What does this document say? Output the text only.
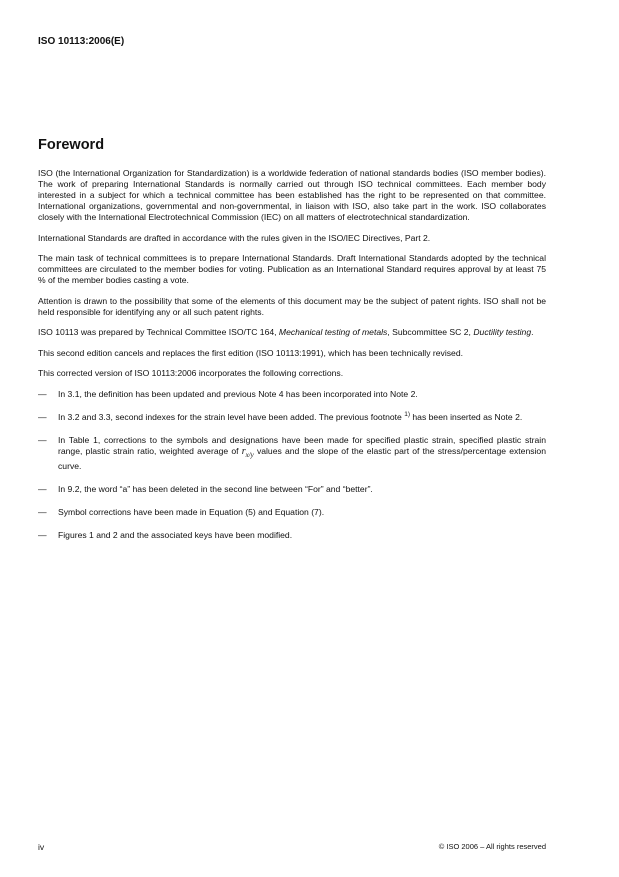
ISO 10113:2006(E)
Foreword

ISO (the International Organization for Standardization) is a worldwide federation of national standards bodies (ISO member bodies). The work of preparing International Standards is normally carried out through ISO technical committees. Each member body interested in a subject for which a technical committee has been established has the right to be represented on that committee. International organizations, governmental and non-governmental, in liaison with ISO, also take part in the work. ISO collaborates closely with the International Electrotechnical Commission (IEC) on all matters of electrotechnical standardization.

International Standards are drafted in accordance with the rules given in the ISO/IEC Directives, Part 2.

The main task of technical committees is to prepare International Standards. Draft International Standards adopted by the technical committees are circulated to the member bodies for voting. Publication as an International Standard requires approval by at least 75 % of the member bodies casting a vote.

Attention is drawn to the possibility that some of the elements of this document may be the subject of patent rights. ISO shall not be held responsible for identifying any or all such patent rights.

ISO 10113 was prepared by Technical Committee ISO/TC 164, Mechanical testing of metals, Subcommittee SC 2, Ductility testing.

This second edition cancels and replaces the first edition (ISO 10113:1991), which has been technically revised.

This corrected version of ISO 10113:2006 incorporates the following corrections.

— In 3.1, the definition has been updated and previous Note 4 has been incorporated into Note 2.
— In 3.2 and 3.3, second indexes for the strain level have been added. The previous footnote $^{1)}$ has been inserted as Note 2.
— In Table 1, corrections to the symbols and designations have been made for specified plastic strain, specified plastic strain range, plastic strain ratio, weighted average of $r_{x/y}$ values and the slope of the elastic part of the stress/percentage extension curve.
— In 9.2, the word “a” has been deleted in the second line between “For” and “better”.
— Symbol corrections have been made in Equation (5) and Equation (7).
— Figures 1 and 2 and the associated keys have been modified.
iv	© ISO 2006 – All rights reserved
